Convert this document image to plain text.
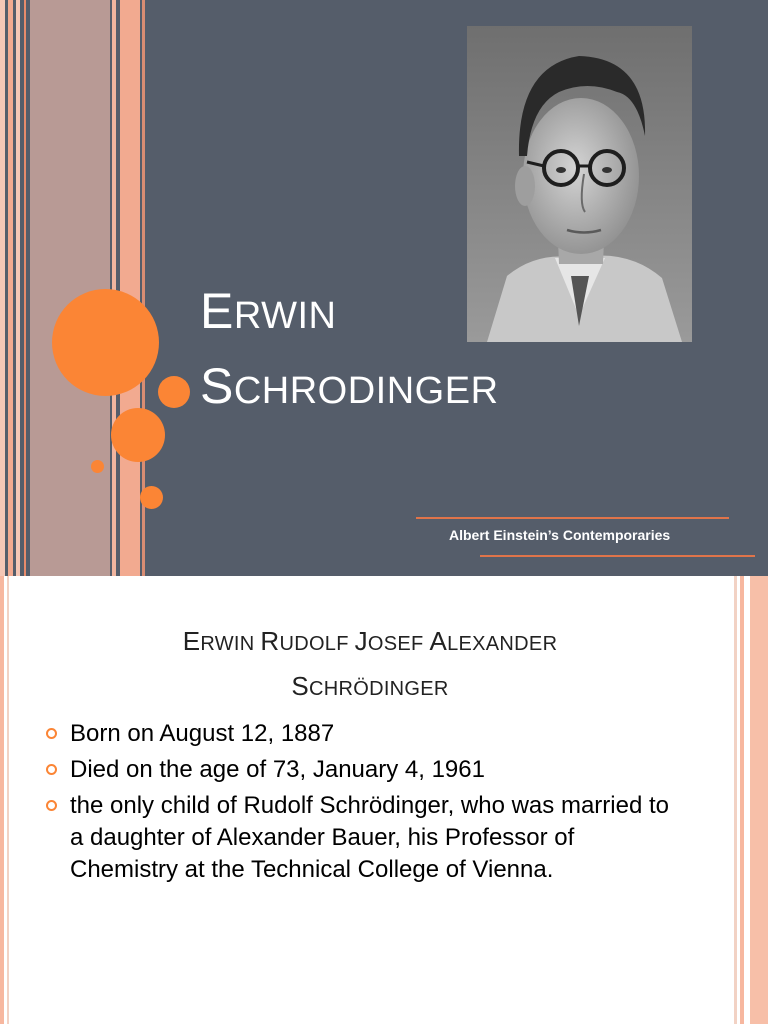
ERWIN
SCHRODINGER
Albert Einstein’s Contemporaries
ERWIN RUDOLF JOSEF ALEXANDER
SCHRÖDINGER
Born on August 12, 1887
Died on the age of 73, January 4, 1961
the only child of Rudolf Schrödinger, who was married to a daughter of Alexander Bauer, his Professor of Chemistry at the Technical College of Vienna.
